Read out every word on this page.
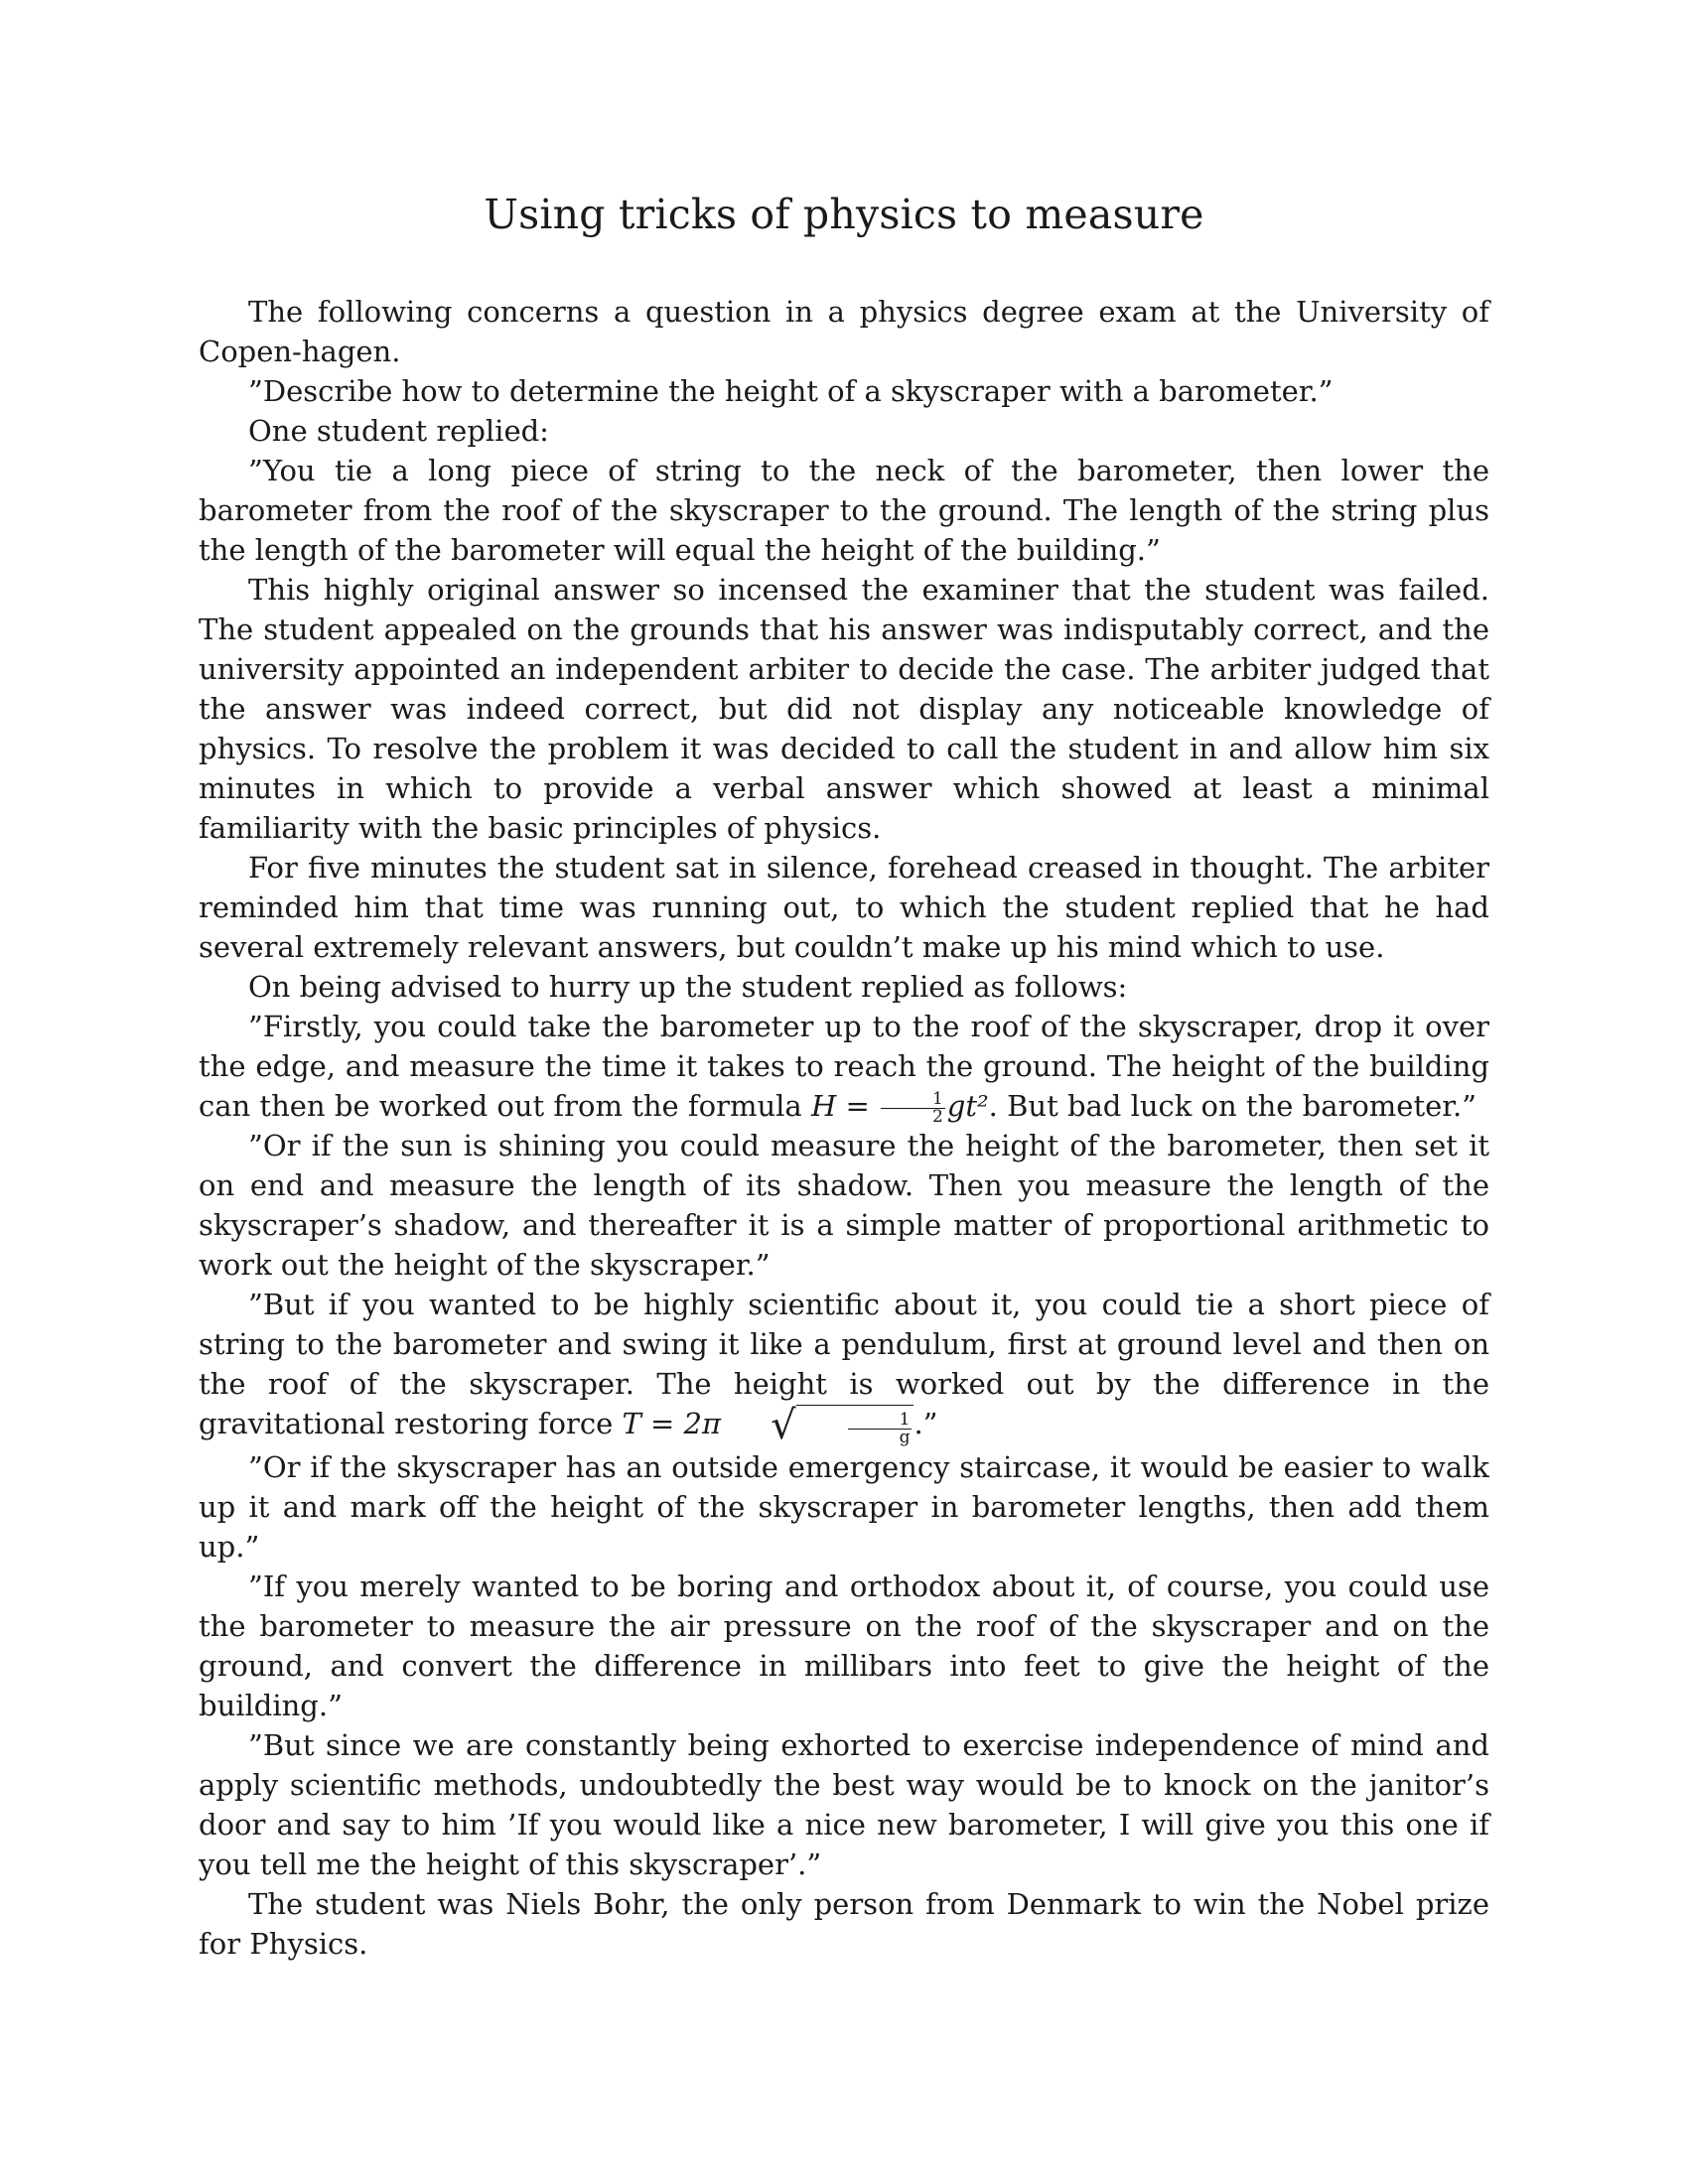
Using tricks of physics to measure

The following concerns a question in a physics degree exam at the University of Copen-hagen.

”Describe how to determine the height of a skyscraper with a barometer.”

One student replied:

”You tie a long piece of string to the neck of the barometer, then lower the barometer from the roof of the skyscraper to the ground. The length of the string plus the length of the barometer will equal the height of the building.”

This highly original answer so incensed the examiner that the student was failed. The student appealed on the grounds that his answer was indisputably correct, and the university appointed an independent arbiter to decide the case. The arbiter judged that the answer was indeed correct, but did not display any noticeable knowledge of physics. To resolve the problem it was decided to call the student in and allow him six minutes in which to provide a verbal answer which showed at least a minimal familiarity with the basic principles of physics.

For five minutes the student sat in silence, forehead creased in thought. The arbiter reminded him that time was running out, to which the student replied that he had several extremely relevant answers, but couldn’t make up his mind which to use.

On being advised to hurry up the student replied as follows:

”Firstly, you could take the barometer up to the roof of the skyscraper, drop it over the edge, and measure the time it takes to reach the ground. The height of the building can then be worked out from the formula $H = \frac{1}{2} gt^2$. But bad luck on the barometer.”

”Or if the sun is shining you could measure the height of the barometer, then set it on end and measure the length of its shadow. Then you measure the length of the skyscraper’s shadow, and thereafter it is a simple matter of proportional arithmetic to work out the height of the skyscraper.”

”But if you wanted to be highly scientific about it, you could tie a short piece of string to the barometer and swing it like a pendulum, first at ground level and then on the roof of the skyscraper. The height is worked out by the difference in the gravitational restoring force T = 2π √	$\frac{1}{g}$ .”

”Or if the skyscraper has an outside emergency staircase, it would be easier to walk up it and mark off the height of the skyscraper in barometer lengths, then add them up.”

”If you merely wanted to be boring and orthodox about it, of course, you could use the barometer to measure the air pressure on the roof of the skyscraper and on the ground, and convert the difference in millibars into feet to give the height of the building.”

”But since we are constantly being exhorted to exercise independence of mind and apply scientific methods, undoubtedly the best way would be to knock on the janitor’s door and say to him ’If you would like a nice new barometer, I will give you this one if you tell me the height of this skyscraper’.”

The student was Niels Bohr, the only person from Denmark to win the Nobel prize for Physics.
